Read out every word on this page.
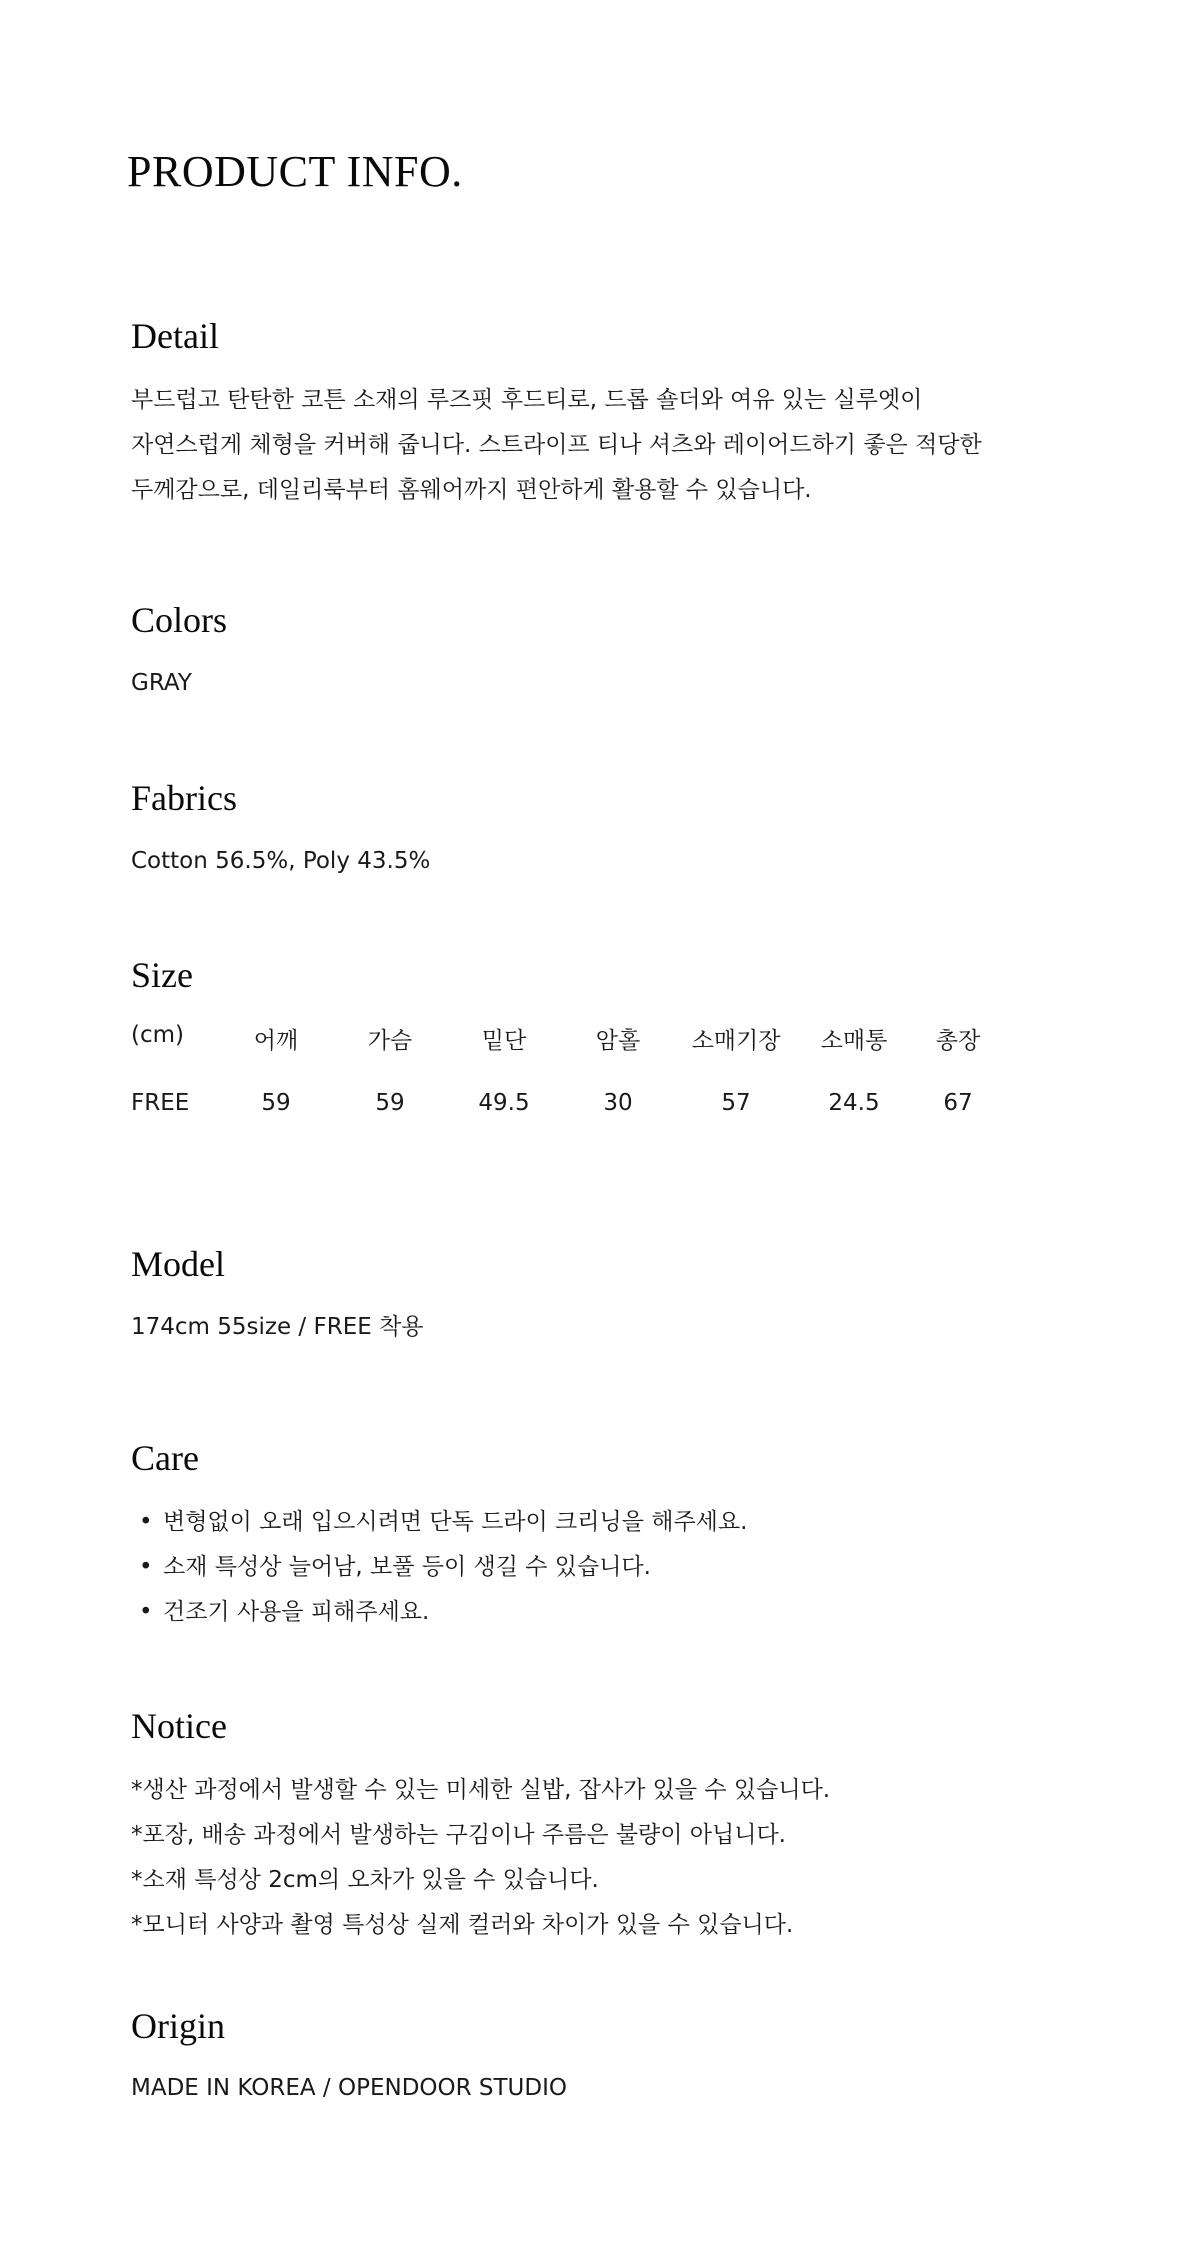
PRODUCT INFO.
Detail
부드럽고 탄탄한 코튼 소재의 루즈핏 후드티로, 드롭 숄더와 여유 있는 실루엣이
자연스럽게 체형을 커버해 줍니다. 스트라이프 티나 셔츠와 레이어드하기 좋은 적당한
두께감으로, 데일리룩부터 홈웨어까지 편안하게 활용할 수 있습니다.
Colors
GRAY
Fabrics
Cotton 56.5%, Poly 43.5%
Size
(cm)	어깨	가슴	밑단	암홀 소매기장 소매통 총장
FREE	59	59	49.5	30	57	24.5	67
Model
174cm 55size / FREE 착용
Care
• 변형없이 오래 입으시려면 단독 드라이 크리닝을 해주세요.
• 소재 특성상 늘어남, 보풀 등이 생길 수 있습니다.
• 건조기 사용을 피해주세요.
Notice
*생산 과정에서 발생할 수 있는 미세한 실밥, 잡사가 있을 수 있습니다.
*포장, 배송 과정에서 발생하는 구김이나 주름은 불량이 아닙니다.
*소재 특성상 2cm의 오차가 있을 수 있습니다.
*모니터 사양과 촬영 특성상 실제 컬러와 차이가 있을 수 있습니다.
Origin
MADE IN KOREA / OPENDOOR STUDIO
